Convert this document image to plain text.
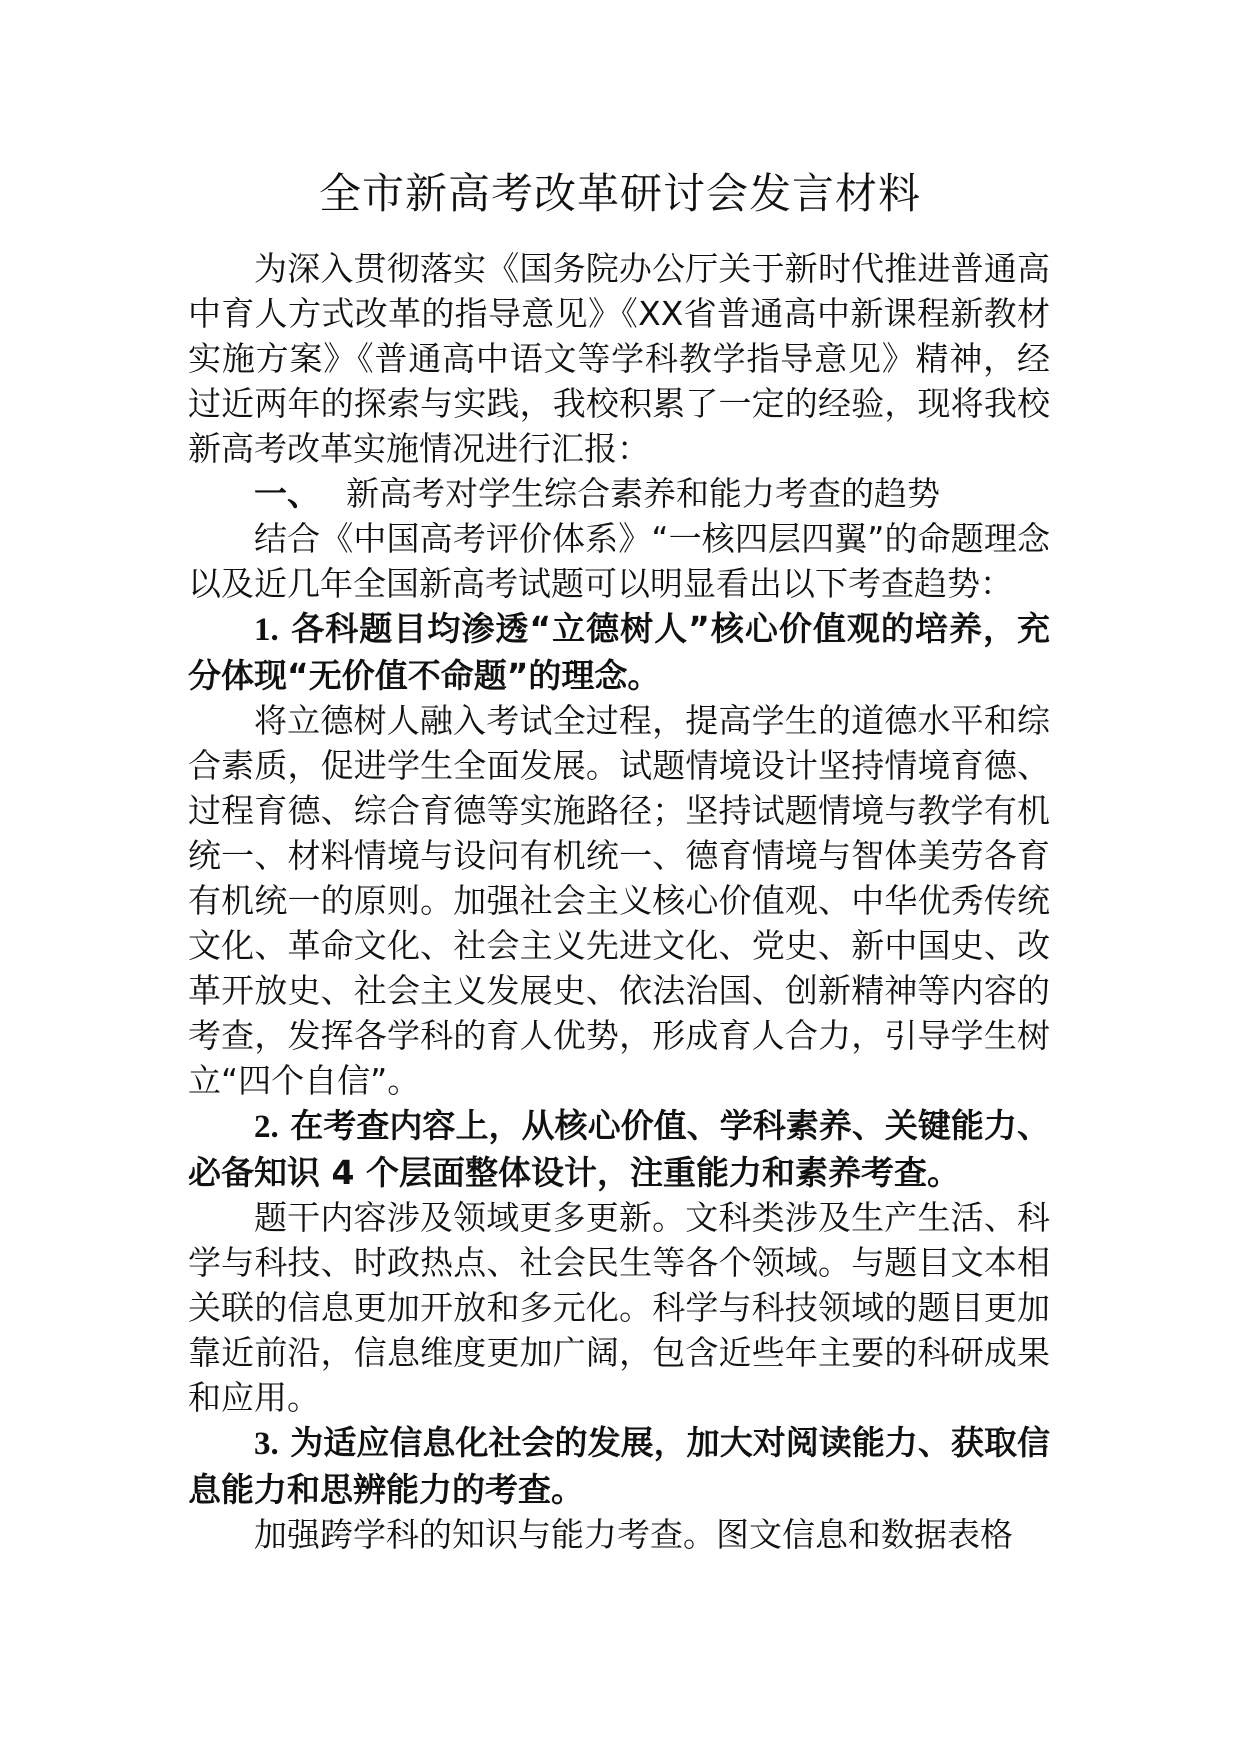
全市新高考改革研讨会发言材料

为深入贯彻落实《国务院办公厅关于新时代推进普通高中育人方式改革的指导意见》《XX省普通高中新课程新教材实施方案》《普通高中语文等学科教学指导意见》精神，经过近两年的探索与实践，我校积累了一定的经验，现将我校新高考改革实施情况进行汇报：

一、 新高考对学生综合素养和能力考查的趋势

结合《中国高考评价体系》“一核四层四翼”的命题理念以及近几年全国新高考试题可以明显看出以下考查趋势：

1. 各科题目均渗透“立德树人”核心价值观的培养，充分体现“无价值不命题”的理念。

将立德树人融入考试全过程，提高学生的道德水平和综合素质，促进学生全面发展。试题情境设计坚持情境育德、过程育德、综合育德等实施路径；坚持试题情境与教学有机统一、材料情境与设问有机统一、德育情境与智体美劳各育有机统一的原则。加强社会主义核心价值观、中华优秀传统文化、革命文化、社会主义先进文化、党史、新中国史、改革开放史、社会主义发展史、依法治国、创新精神等内容的考查，发挥各学科的育人优势，形成育人合力，引导学生树立“四个自信”。

2. 在考查内容上，从核心价值、学科素养、关键能力、必备知识 4 个层面整体设计，注重能力和素养考查。

题干内容涉及领域更多更新。文科类涉及生产生活、科学与科技、时政热点、社会民生等各个领域。与题目文本相关联的信息更加开放和多元化。科学与科技领域的题目更加靠近前沿，信息维度更加广阔，包含近些年主要的科研成果和应用。

3. 为适应信息化社会的发展，加大对阅读能力、获取信息能力和思辨能力的考查。

加强跨学科的知识与能力考查。图文信息和数据表格
